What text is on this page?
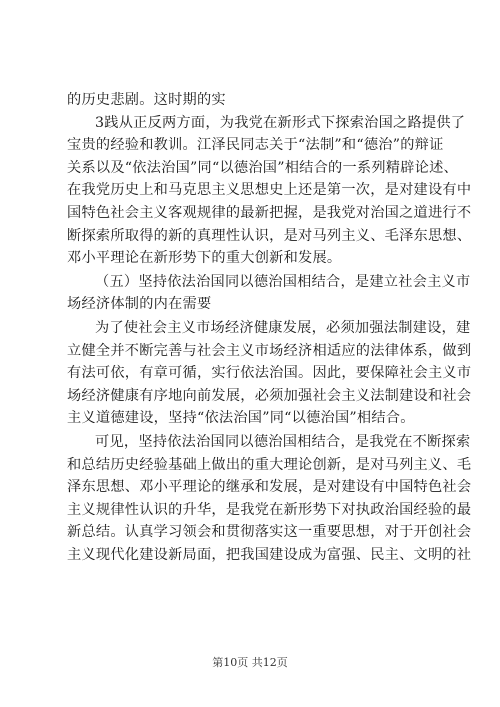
的历史悲剧。这时期的实
3践从正反两方面，为我党在新形式下探索治国之路提供了
宝贵的经验和教训。江泽民同志关于“法制”和“德治”的辩证
关系以及“依法治国”同“以德治国”相结合的一系列精辟论述、
在我党历史上和马克思主义思想史上还是第一次，是对建设有中
国特色社会主义客观规律的最新把握，是我党对治国之道进行不
断探索所取得的新的真理性认识，是对马列主义、毛泽东思想、
邓小平理论在新形势下的重大创新和发展。
（五）坚持依法治国同以德治国相结合，是建立社会主义市
场经济体制的内在需要
为了使社会主义市场经济健康发展，必须加强法制建设，建
立健全并不断完善与社会主义市场经济相适应的法律体系，做到
有法可依，有章可循，实行依法治国。因此，要保障社会主义市
场经济健康有序地向前发展，必须加强社会主义法制建设和社会
主义道德建设，坚持“依法治国”同“以德治国”相结合。
可见，坚持依法治国同以德治国相结合，是我党在不断探索
和总结历史经验基础上做出的重大理论创新，是对马列主义、毛
泽东思想、邓小平理论的继承和发展，是对建设有中国特色社会
主义规律性认识的升华，是我党在新形势下对执政治国经验的最
新总结。认真学习领会和贯彻落实这一重要思想，对于开创社会
主义现代化建设新局面，把我国建设成为富强、民主、文明的社
第10页 共12页
